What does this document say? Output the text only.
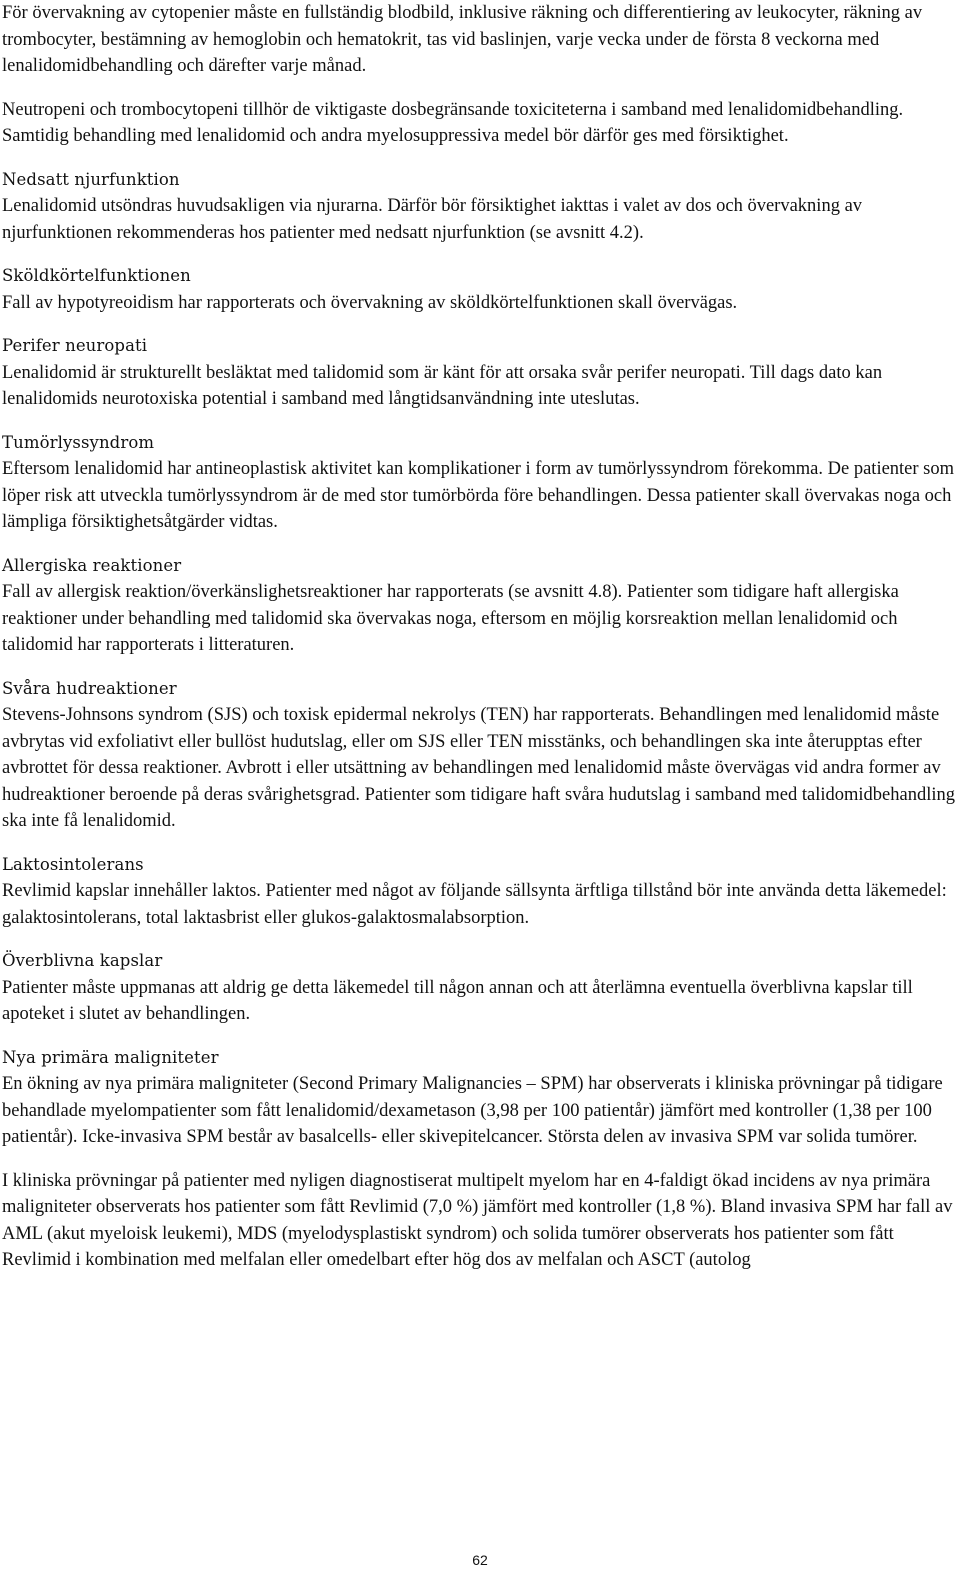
För övervakning av cytopenier måste en fullständig blodbild, inklusive räkning och differentiering av leukocyter, räkning av trombocyter, bestämning av hemoglobin och hematokrit, tas vid baslinjen, varje vecka under de första 8 veckorna med lenalidomidbehandling och därefter varje månad.

Neutropeni och trombocytopeni tillhör de viktigaste dosbegränsande toxiciteterna i samband med lenalidomidbehandling. Samtidig behandling med lenalidomid och andra myelosuppressiva medel bör därför ges med försiktighet.

Nedsatt njurfunktion
Lenalidomid utsöndras huvudsakligen via njurarna. Därför bör försiktighet iakttas i valet av dos och övervakning av njurfunktionen rekommenderas hos patienter med nedsatt njurfunktion (se avsnitt 4.2).
Sköldkörtelfunktionen
Fall av hypotyreoidism har rapporterats och övervakning av sköldkörtelfunktionen skall övervägas.
Perifer neuropati
Lenalidomid är strukturellt besläktat med talidomid som är känt för att orsaka svår perifer neuropati. Till dags dato kan lenalidomids neurotoxiska potential i samband med långtidsanvändning inte uteslutas.
Tumörlyssyndrom
Eftersom lenalidomid har antineoplastisk aktivitet kan komplikationer i form av tumörlyssyndrom förekomma. De patienter som löper risk att utveckla tumörlyssyndrom är de med stor tumörbörda före behandlingen. Dessa patienter skall övervakas noga och lämpliga försiktighetsåtgärder vidtas.
Allergiska reaktioner
Fall av allergisk reaktion/överkänslighetsreaktioner har rapporterats (se avsnitt 4.8). Patienter som tidigare haft allergiska reaktioner under behandling med talidomid ska övervakas noga, eftersom en möjlig korsreaktion mellan lenalidomid och talidomid har rapporterats i litteraturen.
Svåra hudreaktioner
Stevens-Johnsons syndrom (SJS) och toxisk epidermal nekrolys (TEN) har rapporterats. Behandlingen med lenalidomid måste avbrytas vid exfoliativt eller bullöst hudutslag, eller om SJS eller TEN misstänks, och behandlingen ska inte återupptas efter avbrottet för dessa reaktioner. Avbrott i eller utsättning av behandlingen med lenalidomid måste övervägas vid andra former av hudreaktioner beroende på deras svårighetsgrad. Patienter som tidigare haft svåra hudutslag i samband med talidomidbehandling ska inte få lenalidomid.
Laktosintolerans
Revlimid kapslar innehåller laktos. Patienter med något av följande sällsynta ärftliga tillstånd bör inte använda detta läkemedel: galaktosintolerans, total laktasbrist eller glukos-galaktosmalabsorption.
Överblivna kapslar
Patienter måste uppmanas att aldrig ge detta läkemedel till någon annan och att återlämna eventuella överblivna kapslar till apoteket i slutet av behandlingen.
Nya primära maligniteter
En ökning av nya primära maligniteter (Second Primary Malignancies – SPM) har observerats i kliniska prövningar på tidigare behandlade myelompatienter som fått lenalidomid/dexametason (3,98 per 100 patientår) jämfört med kontroller (1,38 per 100 patientår). Icke-invasiva SPM består av basalcells- eller skivepitelcancer. Största delen av invasiva SPM var solida tumörer.

I kliniska prövningar på patienter med nyligen diagnostiserat multipelt myelom har en 4-faldigt ökad incidens av nya primära maligniteter observerats hos patienter som fått Revlimid (7,0 %) jämfört med kontroller (1,8 %). Bland invasiva SPM har fall av AML (akut myeloisk leukemi), MDS (myelodysplastiskt syndrom) och solida tumörer observerats hos patienter som fått Revlimid i kombination med melfalan eller omedelbart efter hög dos av melfalan och ASCT (autolog

62
